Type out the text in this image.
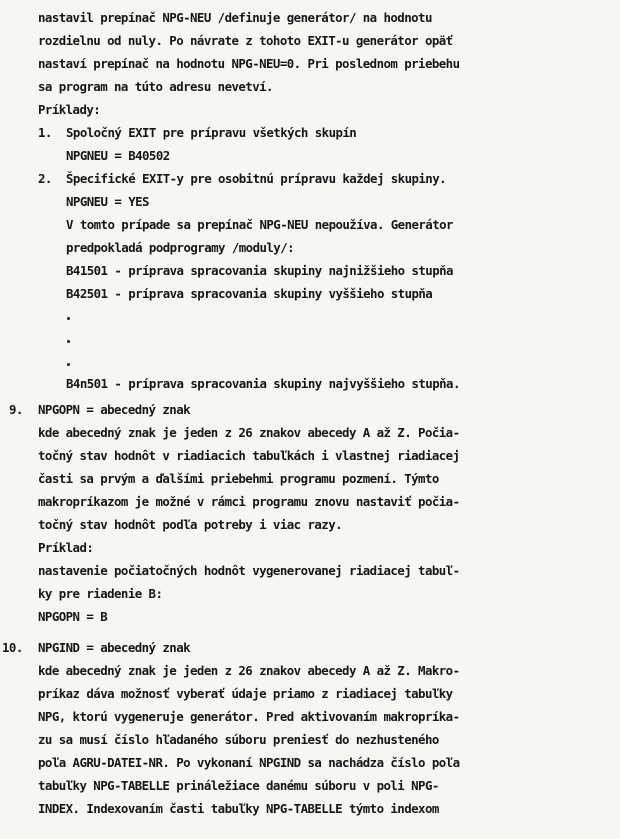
nastavil prepínač NPG-NEU /definuje generátor/ na hodnotu
rozdielnu od nuly. Po návrate z tohoto EXIT-u generátor opäť
nastaví prepínač na hodnotu NPG-NEU=0. Pri poslednom priebehu
sa program na túto adresu nevetví.
Príklady:
1. Spoločný EXIT pre prípravu všetkých skupín
NPGNEU = B40502
2. Špecifické EXIT-y pre osobitnú prípravu každej skupiny.
NPGNEU = YES
V tomto prípade sa prepínač NPG-NEU nepoužíva. Generátor
predpokladá podprogramy /moduly/:
B41501 - príprava spracovania skupiny najnižšieho stupňa
B42501 - príprava spracovania skupiny vyššieho stupňa
B4n501 - príprava spracovania skupiny najvyššieho stupňa.
9. NPGOPN = abecedný znak
kde abecedný znak je jeden z 26 znakov abecedy A až Z. Počia-
točný stav hodnôt v riadiacich tabuľkách i vlastnej riadiacej
časti sa prvým a ďalšími priebehmi programu pozmení. Týmto
makropríkazom je možné v rámci programu znovu nastaviť počia-
točný stav hodnôt podľa potreby i viac razy.
Príklad:
nastavenie počiatočných hodnôt vygenerovanej riadiacej tabuľ-
ky pre riadenie B:
NPGOPN = B
10. NPGIND = abecedný znak
kde abecedný znak je jeden z 26 znakov abecedy A až Z. Makro-
príkaz dáva možnosť vyberať údaje priamo z riadiacej tabuľky
NPG, ktorú vygeneruje generátor. Pred aktivovaním makropríka-
zu sa musí číslo hľadaného súboru preniesť do nezhusteného
poľa AGRU-DATEI-NR. Po vykonaní NPGIND sa nachádza číslo poľa
tabuľky NPG-TABELLE prináležiace danému súboru v poli NPG-
INDEX. Indexovaním časti tabuľky NPG-TABELLE týmto indexom
